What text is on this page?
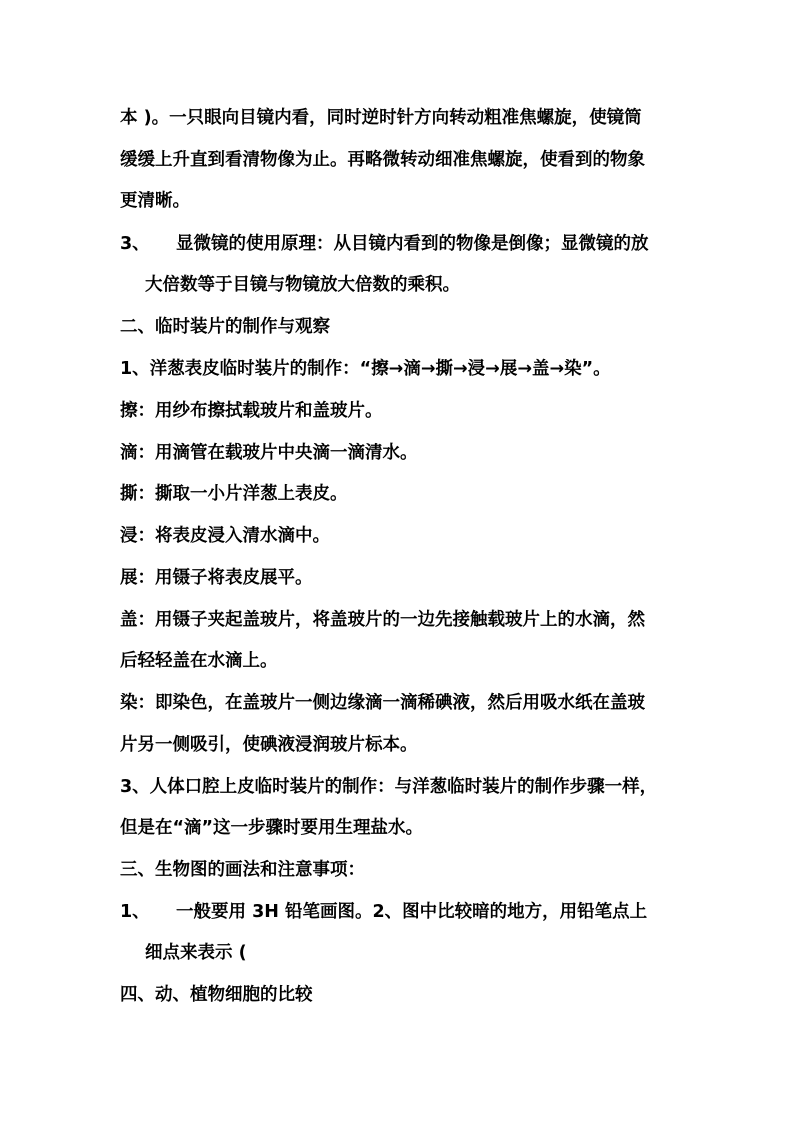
本 )。一只眼向目镜内看，同时逆时针方向转动粗准焦螺旋，使镜筒

缓缓上升直到看清物像为止。再略微转动细准焦螺旋，使看到的物象

更清晰。

3、 显微镜的使用原理：从目镜内看到的物像是倒像；显微镜的放

大倍数等于目镜与物镜放大倍数的乘积。

二、临时装片的制作与观察

1、洋葱表皮临时装片的制作：“擦→滴→撕→浸→展→盖→染”。

擦：用纱布擦拭载玻片和盖玻片。

滴：用滴管在载玻片中央滴一滴清水。

撕：撕取一小片洋葱上表皮。

浸：将表皮浸入清水滴中。

展：用镊子将表皮展平。

盖：用镊子夹起盖玻片，将盖玻片的一边先接触载玻片上的水滴，然

后轻轻盖在水滴上。

染：即染色，在盖玻片一侧边缘滴一滴稀碘液，然后用吸水纸在盖玻

片另一侧吸引，使碘液浸润玻片标本。

3、人体口腔上皮临时装片的制作：与洋葱临时装片的制作步骤一样，

但是在“滴”这一步骤时要用生理盐水。

三、生物图的画法和注意事项：

1、 一般要用 3H 铅笔画图。2、图中比较暗的地方，用铅笔点上

细点来表示 (

四、动、植物细胞的比较
